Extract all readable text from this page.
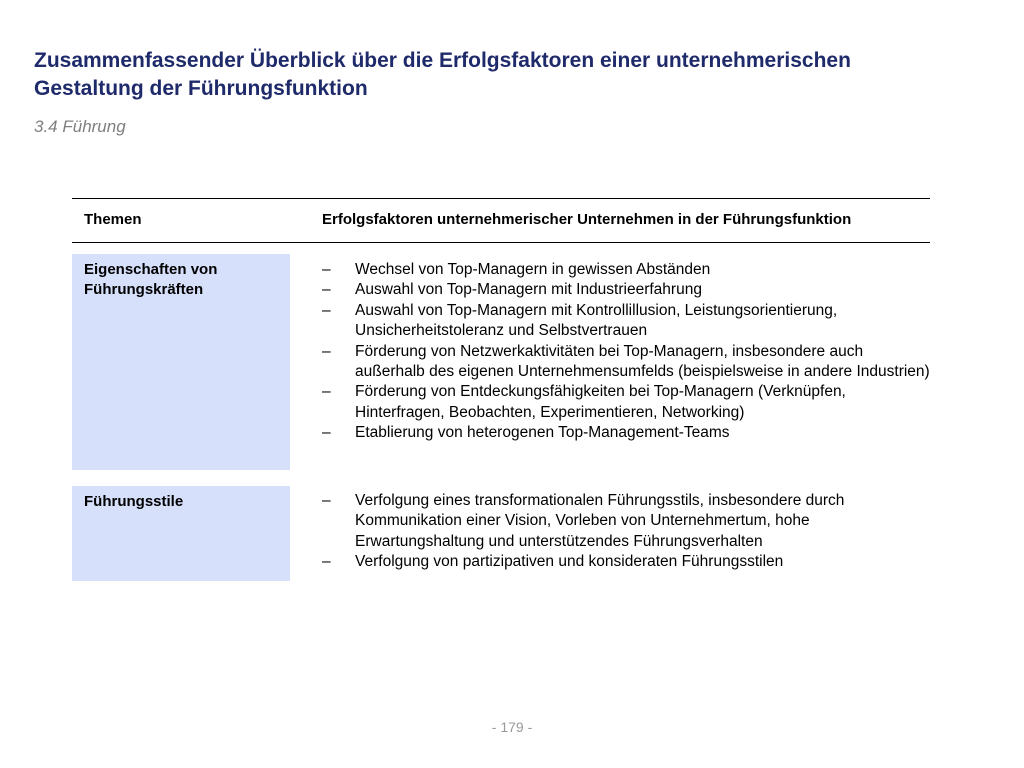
Zusammenfassender Überblick über die Erfolgsfaktoren einer unternehmerischen
Gestaltung der Führungsfunktion
3.4 Führung
Themen	Erfolgsfaktoren unternehmerischer Unternehmen in der Führungsfunktion
Eigenschaften von
Führungskräften
– Wechsel von Top-Managern in gewissen Abständen
– Auswahl von Top-Managern mit Industrieerfahrung
– Auswahl von Top-Managern mit Kontrollillusion, Leistungsorientierung, Unsicherheitstoleranz und Selbstvertrauen
– Förderung von Netzwerkaktivitäten bei Top-Managern, insbesondere auch außerhalb des eigenen Unternehmensumfelds (beispielsweise in andere Industrien)
– Förderung von Entdeckungsfähigkeiten bei Top-Managern (Verknüpfen, Hinterfragen, Beobachten, Experimentieren, Networking)
– Etablierung von heterogenen Top-Management-Teams
Führungsstile	– Verfolgung eines transformationalen Führungsstils, insbesondere durch Kommunikation einer Vision, Vorleben von Unternehmertum, hohe Erwartungshaltung und unterstützendes Führungsverhalten
– Verfolgung von partizipativen und konsideraten Führungsstilen
- 179 -
